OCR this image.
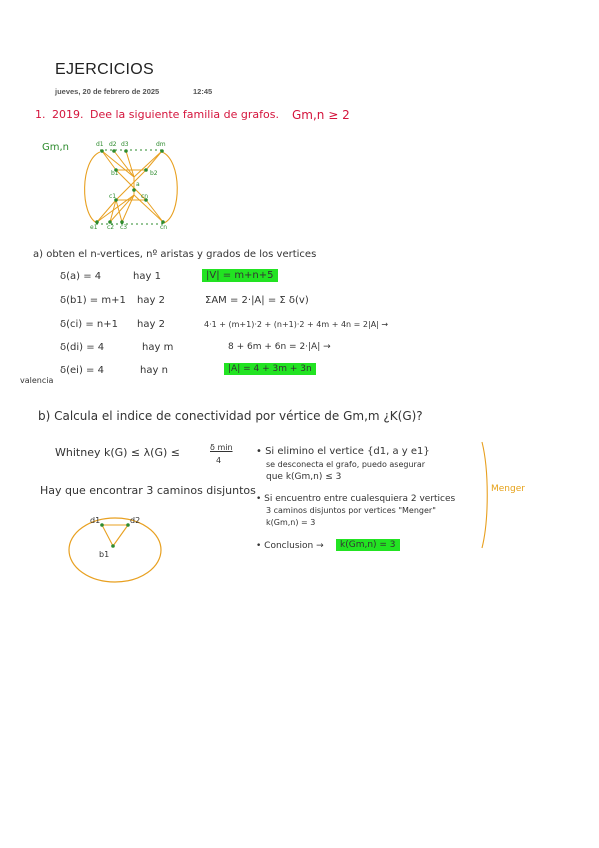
EJERCICIOS
jueves, 20 de febrero de 2025	12:45
1. 2019. Dee la siguiente familia de grafos. Gm,n ≥ 2
Gm,n	d1 d2 d3	dm
b1	b2
a
c1	cn
e1 c2 c3	cn
a) obten el n-vertices, nº aristas y grados de los vertices
δ(a) = 4	hay 1	|V| = m+n+5
δ(b1) = m+1 hay 2	ΣAM = 2·|A| = Σ δ(v)
δ(ci) = n+1 hay 2	4·1 + (m+1)·2 + (n+1)·2 + 4m + 4n = 2|A| →
δ(di) = 4	hay m	8 + 6m + 6n = 2·|A| →
δ(ei) = 4	hay n	|A| = 4 + 3m + 3n
valencia
b) Calcula el indice de conectividad por vértice de Gm,m ¿K(G)?
Whitney k(G) ≤ λ(G) ≤	δ min
4
Hay que encontrar 3 caminos disjuntos
d1	d2
b1
• Si elimino el vertice {d1, a y e1}
se desconecta el grafo, puedo asegurar
que k(Gm,n) ≤ 3
• Si encuentro entre cualesquiera 2 vertices
3 caminos disjuntos por vertices "Menger"
k(Gm,n) = 3
• Conclusion →	k(Gm,n) = 3
Menger
